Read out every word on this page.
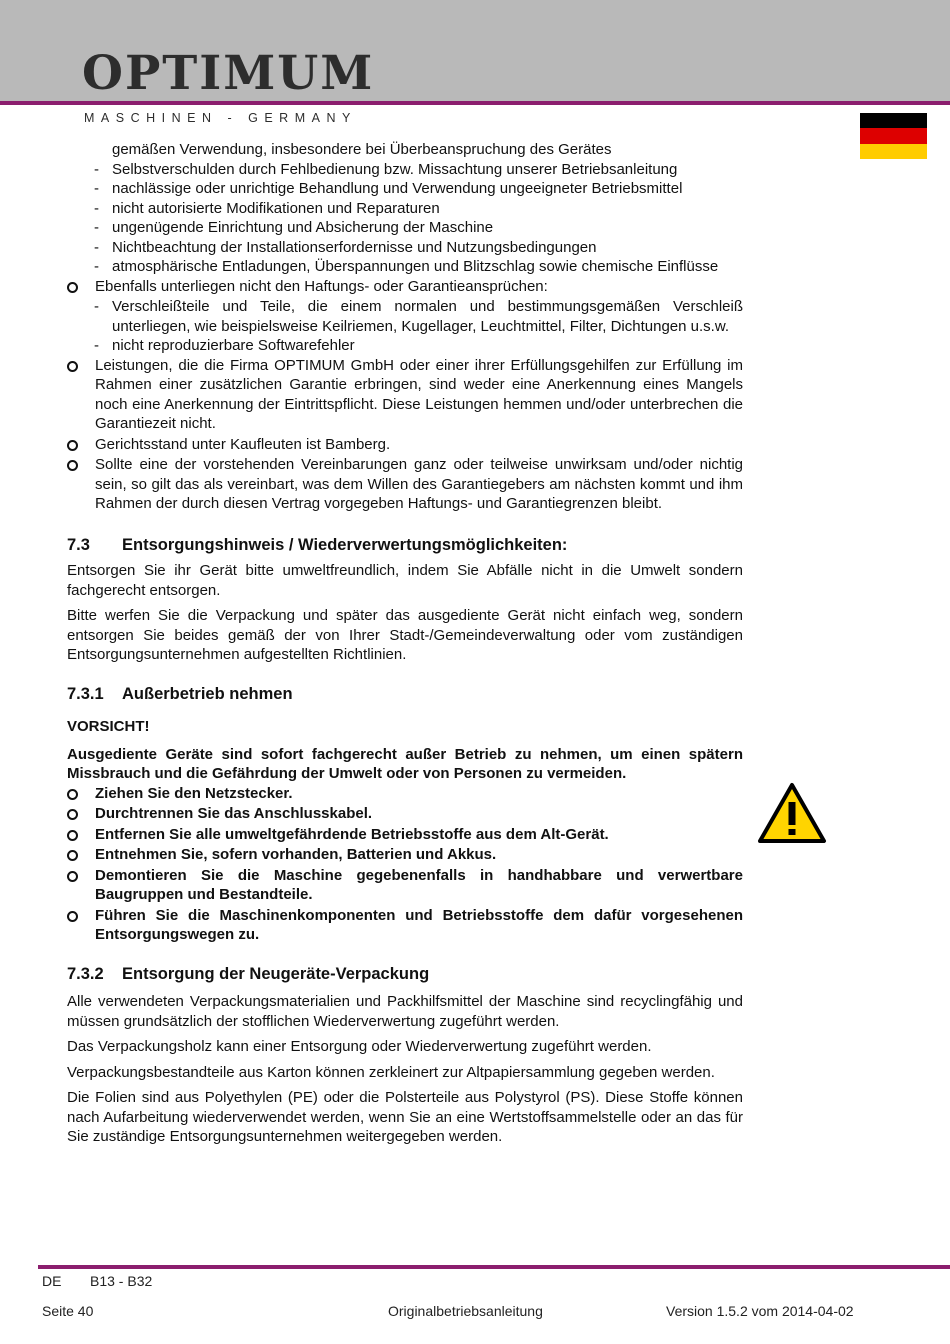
OPTIMUM
MASCHINEN - GERMANY
gemäßen Verwendung, insbesondere bei Überbeanspruchung des Gerätes
- Selbstverschulden durch Fehlbedienung bzw. Missachtung unserer Betriebsanleitung
- nachlässige oder unrichtige Behandlung und Verwendung ungeeigneter Betriebsmittel
- nicht autorisierte Modifikationen und Reparaturen
- ungenügende Einrichtung und Absicherung der Maschine
- Nichtbeachtung der Installationserfordernisse und Nutzungsbedingungen
- atmosphärische Entladungen, Überspannungen und Blitzschlag sowie chemische Einflüsse
Ebenfalls unterliegen nicht den Haftungs- oder Garantieansprüchen:
- Verschleißteile und Teile, die einem normalen und bestimmungsgemäßen Verschleiß unterliegen, wie beispielsweise Keilriemen, Kugellager, Leuchtmittel, Filter, Dichtungen u.s.w.
- nicht reproduzierbare Softwarefehler
Leistungen, die die Firma OPTIMUM GmbH oder einer ihrer Erfüllungsgehilfen zur Erfüllung im Rahmen einer zusätzlichen Garantie erbringen, sind weder eine Anerkennung eines Mangels noch eine Anerkennung der Eintrittspflicht. Diese Leistungen hemmen und/oder unterbrechen die Garantiezeit nicht.
Gerichtsstand unter Kaufleuten ist Bamberg.
Sollte eine der vorstehenden Vereinbarungen ganz oder teilweise unwirksam und/oder nichtig sein, so gilt das als vereinbart, was dem Willen des Garantiegebers am nächsten kommt und ihm Rahmen der durch diesen Vertrag vorgegeben Haftungs- und Garantiegrenzen bleibt.
7.3 Entsorgungshinweis / Wiederverwertungsmöglichkeiten:
Entsorgen Sie ihr Gerät bitte umweltfreundlich, indem Sie Abfälle nicht in die Umwelt sondern fachgerecht entsorgen.
Bitte werfen Sie die Verpackung und später das ausgediente Gerät nicht einfach weg, sondern entsorgen Sie beides gemäß der von Ihrer Stadt-/Gemeindeverwaltung oder vom zuständigen Entsorgungsunternehmen aufgestellten Richtlinien.
7.3.1 Außerbetrieb nehmen
VORSICHT!
Ausgediente Geräte sind sofort fachgerecht außer Betrieb zu nehmen, um einen spätern Missbrauch und die Gefährdung der Umwelt oder von Personen zu vermeiden.
Ziehen Sie den Netzstecker.
Durchtrennen Sie das Anschlusskabel.
Entfernen Sie alle umweltgefährdende Betriebsstoffe aus dem Alt-Gerät.
Entnehmen Sie, sofern vorhanden, Batterien und Akkus.
Demontieren Sie die Maschine gegebenenfalls in handhabbare und verwertbare Baugruppen und Bestandteile.
Führen Sie die Maschinenkomponenten und Betriebsstoffe dem dafür vorgesehenen Entsorgungswegen zu.
7.3.2 Entsorgung der Neugeräte-Verpackung
Alle verwendeten Verpackungsmaterialien und Packhilfsmittel der Maschine sind recyclingfähig und müssen grundsätzlich der stofflichen Wiederverwertung zugeführt werden.
Das Verpackungsholz kann einer Entsorgung oder Wiederverwertung zugeführt werden.
Verpackungsbestandteile aus Karton können zerkleinert zur Altpapiersammlung gegeben werden.
Die Folien sind aus Polyethylen (PE) oder die Polsterteile aus Polystyrol (PS). Diese Stoffe können nach Aufarbeitung wiederverwendet werden, wenn Sie an eine Wertstoffsammelstelle oder an das für Sie zuständige Entsorgungsunternehmen weitergegeben werden.
DE B13 - B32
Seite 40	Originalbetriebsanleitung	Version 1.5.2 vom 2014-04-02
